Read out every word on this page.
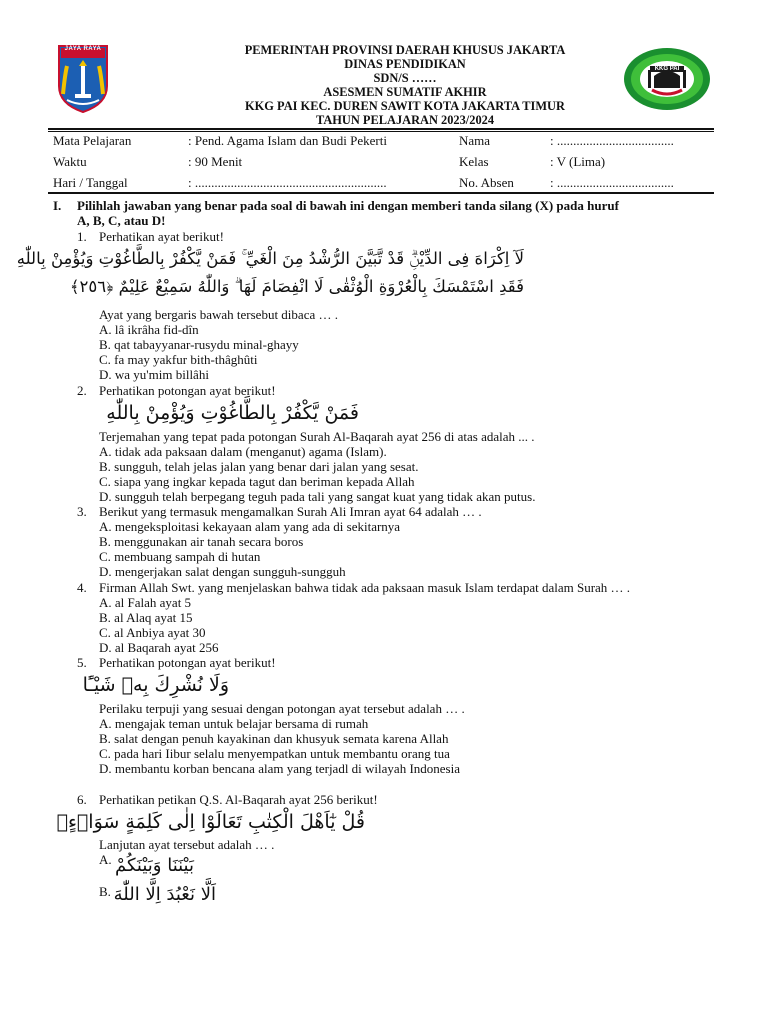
JAYA RAYA
KKG PAI
PEMERINTAH PROVINSI DAERAH KHUSUS JAKARTA
DINAS PENDIDIKAN
SDN/S ……
ASESMEN SUMATIF AKHIR
KKG PAI KEC. DUREN SAWIT KOTA JAKARTA TIMUR
TAHUN PELAJARAN 2023/2024
Mata Pelajaran	: Pend. Agama Islam dan Budi Pekerti
Waktu	: 90 Menit
Hari / Tanggal	: ...........................................................
Nama	: ....................................
Kelas	: V (Lima)
No. Absen	: ....................................
I. Pilihlah jawaban yang benar pada soal di bawah ini dengan memberi tanda silang (X) pada huruf
A, B, C, atau D!
1. Perhatikan ayat berikut!
لَآ اِكْرَاهَ فِى الدِّيْنِۗ قَدْ تَّبَيَّنَ الرُّشْدُ مِنَ الْغَيِّ ۚ فَمَنْ يَّكْفُرْ بِالطَّاغُوْتِ وَيُؤْمِنْ بِاللّٰهِ
فَقَدِ اسْتَمْسَكَ بِالْعُرْوَةِ الْوُثْقٰى لَا انْفِصَامَ لَهَا ۗ وَاللّٰهُ سَمِيْعٌ عَلِيْمٌ ﴿٢٥٦﴾
Ayat yang bergaris bawah tersebut dibaca … .
A. lâ ikrâha fid-dîn
B. qat tabayyanar-rusydu minal-ghayy
C. fa may yakfur bith-thâghûti
D. wa yu'mim billâhi
2. Perhatikan potongan ayat berikut!
فَمَنْ يَّكْفُرْ بِالطَّاغُوْتِ وَيُؤْمِنْ بِاللّٰهِ
Terjemahan yang tepat pada potongan Surah Al-Baqarah ayat 256 di atas adalah ... .
A. tidak ada paksaan dalam (menganut) agama (Islam).
B. sungguh, telah jelas jalan yang benar dari jalan yang sesat.
C. siapa yang ingkar kepada tagut dan beriman kepada Allah
D. sungguh telah berpegang teguh pada tali yang sangat kuat yang tidak akan putus.
3. Berikut yang termasuk mengamalkan Surah Ali Imran ayat 64 adalah … .
A. mengeksploitasi kekayaan alam yang ada di sekitarnya
B. menggunakan air tanah secara boros
C. membuang sampah di hutan
D. mengerjakan salat dengan sungguh-sungguh
4. Firman Allah Swt. yang menjelaskan bahwa tidak ada paksaan masuk Islam terdapat dalam Surah … .
A. al Falah ayat 5
B. al Alaq ayat 15
C. al Anbiya ayat 30
D. al Baqarah ayat 256
5. Perhatikan potongan ayat berikut!
وَلَا نُشْرِكَ بِهٖ شَيْـًٔا
Perilaku terpuji yang sesuai dengan potongan ayat tersebut adalah … .
A. mengajak teman untuk belajar bersama di rumah
B. salat dengan penuh kayakinan dan khusyuk semata karena Allah
C. pada hari Iibur selalu menyempatkan untuk membantu orang tua
D. membantu korban bencana alam yang terjadl di wilayah Indonesia
6. Perhatikan petikan Q.S. Al-Baqarah ayat 256 berikut!
قُلْ يٰٓاَهْلَ الْكِتٰبِ تَعَالَوْا اِلٰى كَلِمَةٍ سَوَاۤءٍۢ
Lanjutan ayat tersebut adalah … .
A. بَيْنَنَا وَبَيْنَكُمْ
B. اَلَّا نَعْبُدَ اِلَّا اللّٰهَ
